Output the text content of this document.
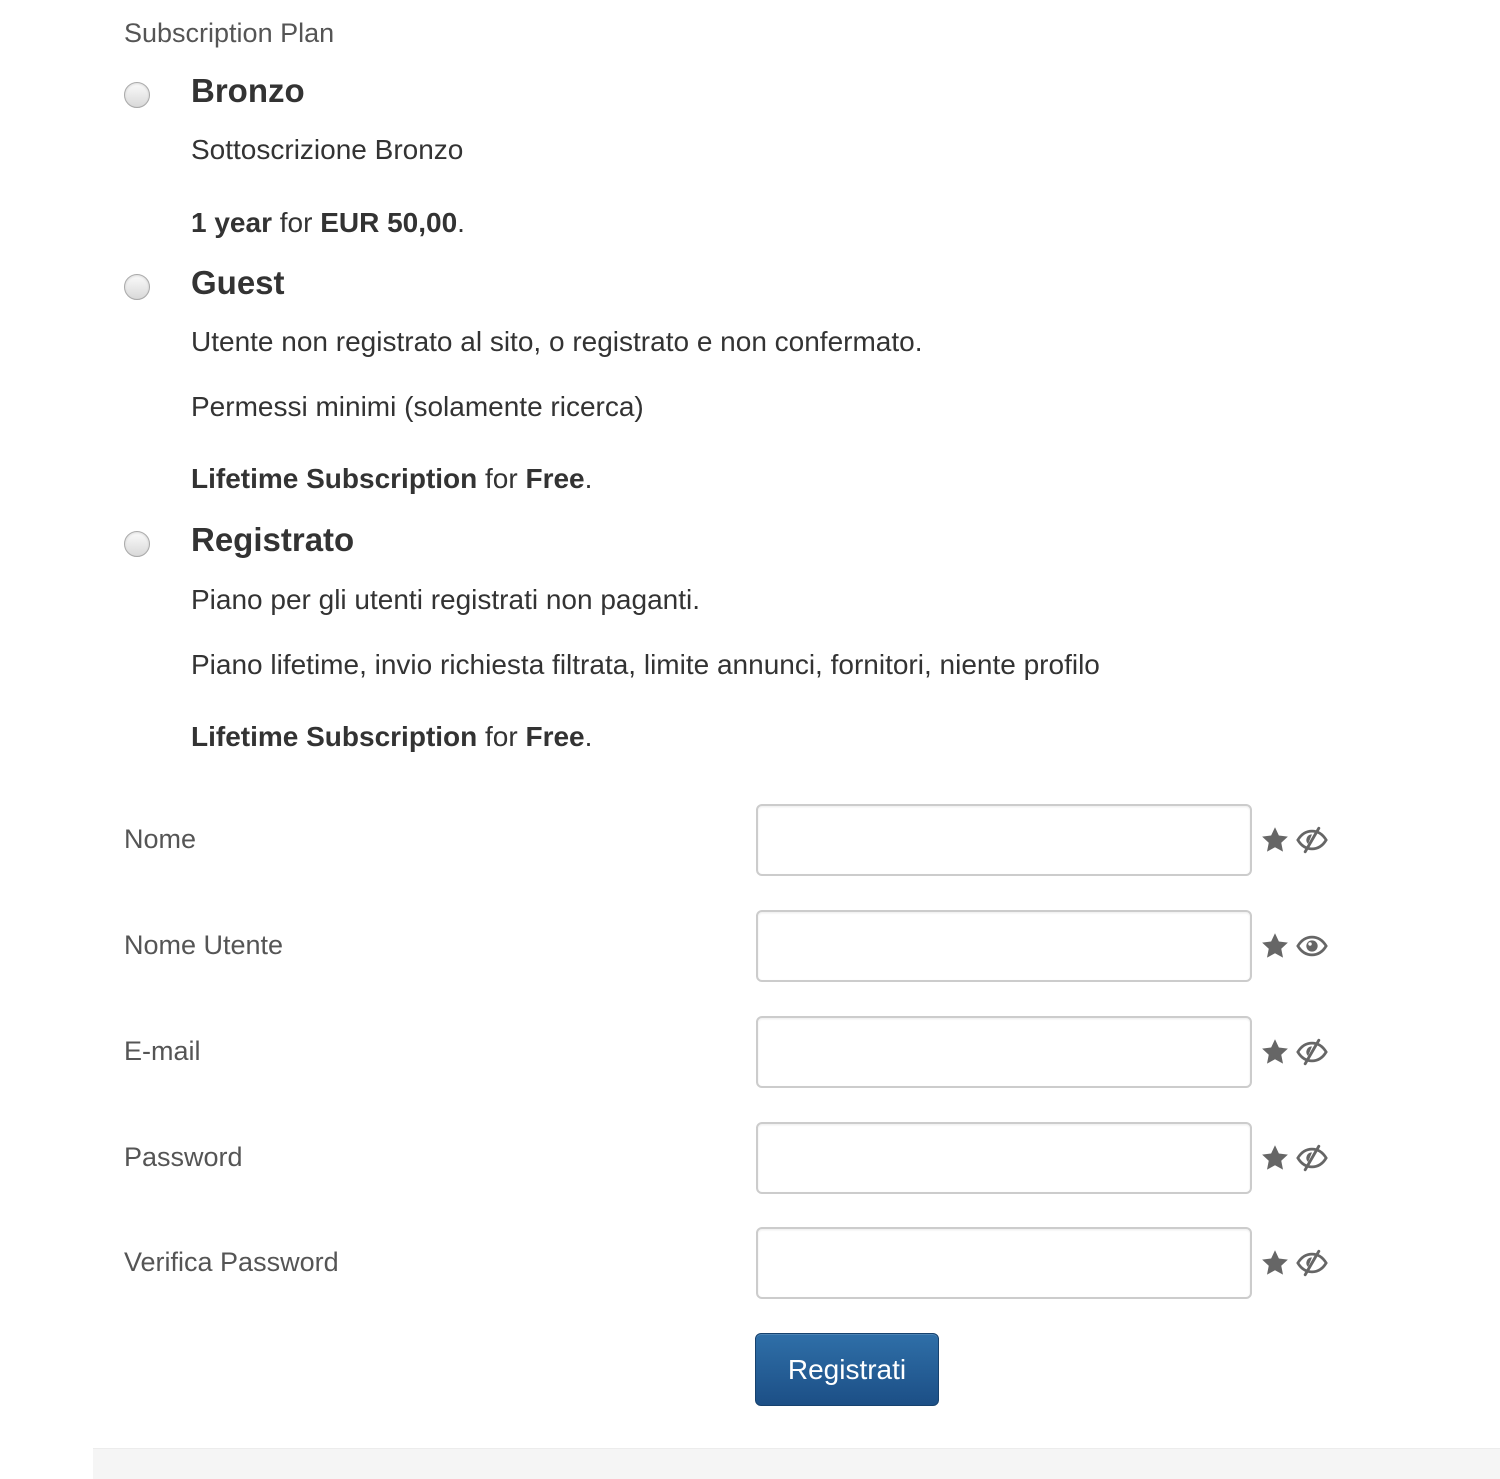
Subscription Plan
Bronzo
Sottoscrizione Bronzo
1 year for EUR 50,00.
Guest
Utente non registrato al sito, o registrato e non confermato.
Permessi minimi (solamente ricerca)
Lifetime Subscription for Free.
Registrato
Piano per gli utenti registrati non paganti.
Piano lifetime, invio richiesta filtrata, limite annunci, fornitori, niente profilo
Lifetime Subscription for Free.
Nome
Nome Utente
E-mail
Password
Verifica Password
Registrati
